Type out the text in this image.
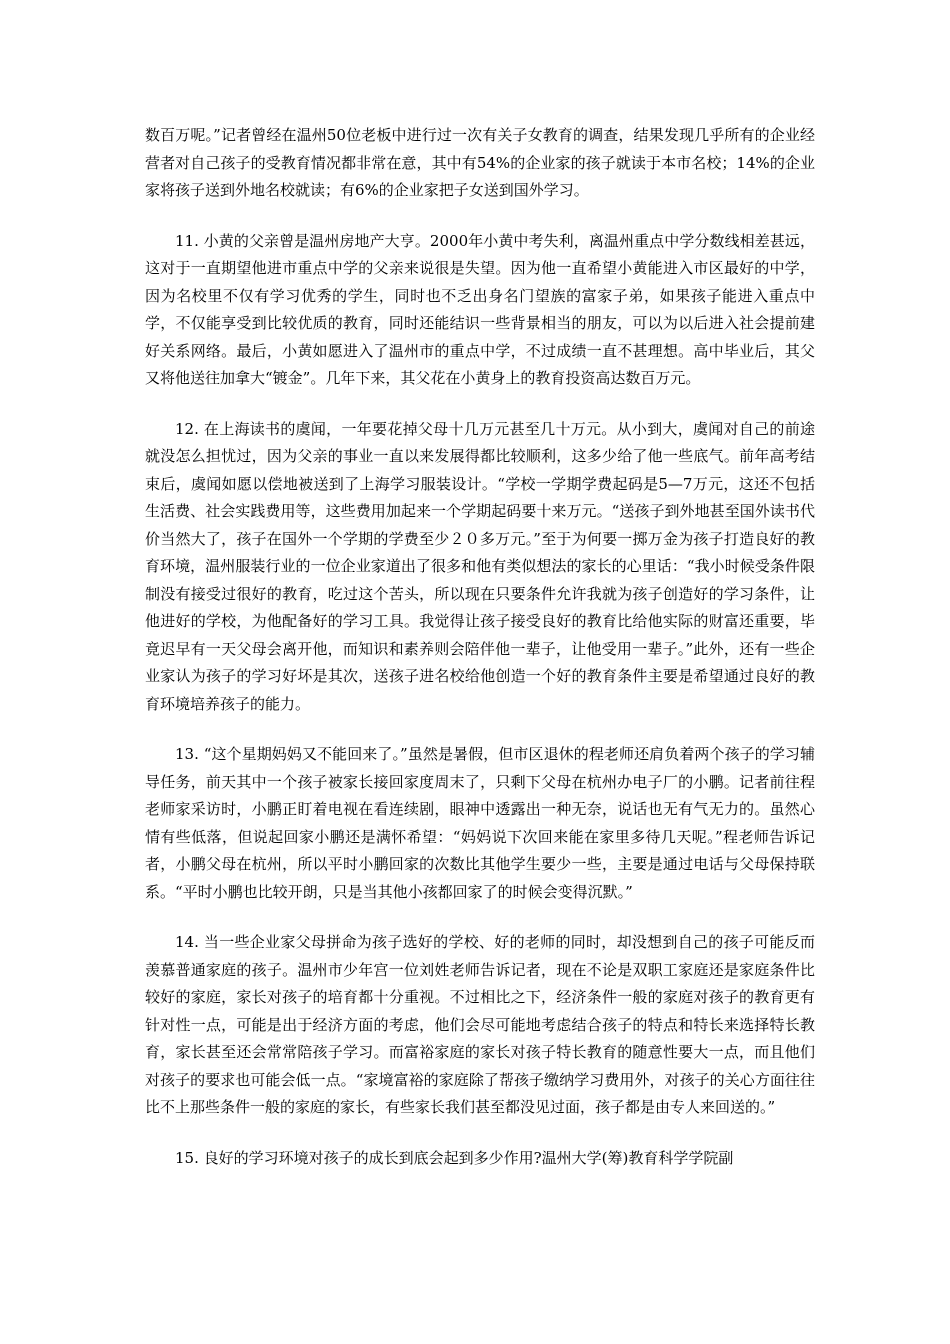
数百万呢。”记者曾经在温州50位老板中进行过一次有关子女教育的调查，结果发现几乎所有的企业经营者对自己孩子的受教育情况都非常在意，其中有54%的企业家的孩子就读于本市名校；14%的企业家将孩子送到外地名校就读；有6%的企业家把子女送到国外学习。

11. 小黄的父亲曾是温州房地产大亨。2000年小黄中考失利，离温州重点中学分数线相差甚远，这对于一直期望他进市重点中学的父亲来说很是失望。因为他一直希望小黄能进入市区最好的中学，因为名校里不仅有学习优秀的学生，同时也不乏出身名门望族的富家子弟，如果孩子能进入重点中学，不仅能享受到比较优质的教育，同时还能结识一些背景相当的朋友，可以为以后进入社会提前建好关系网络。最后，小黄如愿进入了温州市的重点中学，不过成绩一直不甚理想。高中毕业后，其父又将他送往加拿大“镀金”。几年下来，其父花在小黄身上的教育投资高达数百万元。

12. 在上海读书的虞闻，一年要花掉父母十几万元甚至几十万元。从小到大，虞闻对自己的前途就没怎么担忧过，因为父亲的事业一直以来发展得都比较顺利，这多少给了他一些底气。前年高考结束后，虞闻如愿以偿地被送到了上海学习服装设计。“学校一学期学费起码是5—7万元，这还不包括生活费、社会实践费用等，这些费用加起来一个学期起码要十来万元。“送孩子到外地甚至国外读书代价当然大了，孩子在国外一个学期的学费至少２０多万元。”至于为何要一掷万金为孩子打造良好的教育环境，温州服装行业的一位企业家道出了很多和他有类似想法的家长的心里话：“我小时候受条件限制没有接受过很好的教育，吃过这个苦头，所以现在只要条件允许我就为孩子创造好的学习条件，让他进好的学校，为他配备好的学习工具。我觉得让孩子接受良好的教育比给他实际的财富还重要，毕竟迟早有一天父母会离开他，而知识和素养则会陪伴他一辈子，让他受用一辈子。”此外，还有一些企业家认为孩子的学习好坏是其次，送孩子进名校给他创造一个好的教育条件主要是希望通过良好的教育环境培养孩子的能力。

13. “这个星期妈妈又不能回来了。”虽然是暑假，但市区退休的程老师还肩负着两个孩子的学习辅导任务，前天其中一个孩子被家长接回家度周末了，只剩下父母在杭州办电子厂的小鹏。记者前往程老师家采访时，小鹏正盯着电视在看连续剧，眼神中透露出一种无奈，说话也无有气无力的。虽然心情有些低落，但说起回家小鹏还是满怀希望：“妈妈说下次回来能在家里多待几天呢。”程老师告诉记者，小鹏父母在杭州，所以平时小鹏回家的次数比其他学生要少一些，主要是通过电话与父母保持联系。“平时小鹏也比较开朗，只是当其他小孩都回家了的时候会变得沉默。”

14. 当一些企业家父母拼命为孩子选好的学校、好的老师的同时，却没想到自己的孩子可能反而羡慕普通家庭的孩子。温州市少年宫一位刘姓老师告诉记者，现在不论是双职工家庭还是家庭条件比较好的家庭，家长对孩子的培育都十分重视。不过相比之下，经济条件一般的家庭对孩子的教育更有针对性一点，可能是出于经济方面的考虑，他们会尽可能地考虑结合孩子的特点和特长来选择特长教育，家长甚至还会常常陪孩子学习。而富裕家庭的家长对孩子特长教育的随意性要大一点，而且他们对孩子的要求也可能会低一点。“家境富裕的家庭除了帮孩子缴纳学习费用外，对孩子的关心方面往往比不上那些条件一般的家庭的家长，有些家长我们甚至都没见过面，孩子都是由专人来回送的。”

15. 良好的学习环境对孩子的成长到底会起到多少作用?温州大学(筹)教育科学学院副
